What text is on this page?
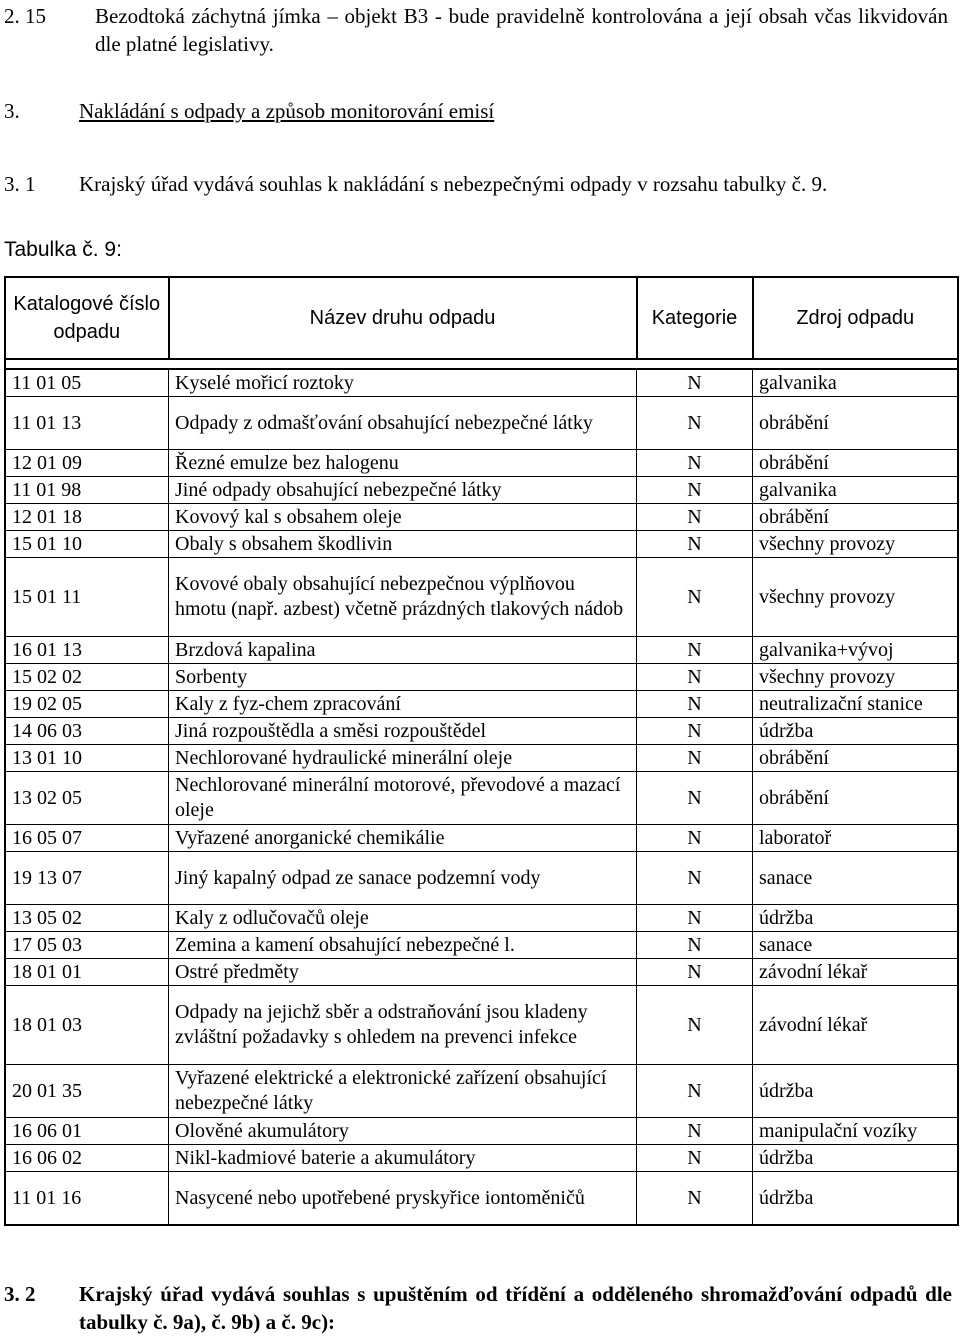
2. 15 Bezodtoká záchytná jímka – objekt B3 - bude pravidelně kontrolována a její obsah včas likvidován dle platné legislativy.
3.	Nakládání s odpady a způsob monitorování emisí
3. 1 Krajský úřad vydává souhlas k nakládání s nebezpečnými odpady v rozsahu tabulky č. 9.
Tabulka č. 9:
Katalogové číslo odpadu	Název druhu odpadu	Kategorie	Zdroj odpadu

11 01 05	Kyselé mořicí roztoky	N	galvanika
11 01 13	Odpady z odmašťování obsahující nebezpečné látky	N	obrábění
12 01 09	Řezné emulze bez halogenu	N	obrábění
11 01 98	Jiné odpady obsahující nebezpečné látky	N	galvanika
12 01 18	Kovový kal s obsahem oleje	N	obrábění
15 01 10	Obaly s obsahem škodlivin	N	všechny provozy
15 01 11	Kovové obaly obsahující nebezpečnou výplňovou hmotu (např. azbest) včetně prázdných tlakových nádob	N	všechny provozy
16 01 13	Brzdová kapalina	N	galvanika+vývoj
15 02 02	Sorbenty	N	všechny provozy
19 02 05	Kaly z fyz-chem zpracování	N	neutralizační stanice
14 06 03	Jiná rozpouštědla a směsi rozpouštědel	N	údržba
13 01 10	Nechlorované hydraulické minerální oleje	N	obrábění
13 02 05	Nechlorované minerální motorové, převodové a mazací oleje	N	obrábění
16 05 07	Vyřazené anorganické chemikálie	N	laboratoř
19 13 07	Jiný kapalný odpad ze sanace podzemní vody	N	sanace
13 05 02	Kaly z odlučovačů oleje	N	údržba
17 05 03	Zemina a kamení obsahující nebezpečné l.	N	sanace
18 01 01	Ostré předměty	N	závodní lékař
18 01 03	Odpady na jejichž sběr a odstraňování jsou kladeny zvláštní požadavky s ohledem na prevenci infekce	N	závodní lékař
20 01 35	Vyřazené elektrické a elektronické zařízení obsahující nebezpečné látky	N	údržba
16 06 01	Olověné akumulátory	N	manipulační vozíky
16 06 02	Nikl-kadmiové baterie a akumulátory	N	údržba
11 01 16	Nasycené nebo upotřebené pryskyřice iontoměničů	N	údržba
3. 2 Krajský úřad vydává souhlas s upuštěním od třídění a odděleného shromažďování odpadů dle tabulky č. 9a), č. 9b) a č. 9c):
